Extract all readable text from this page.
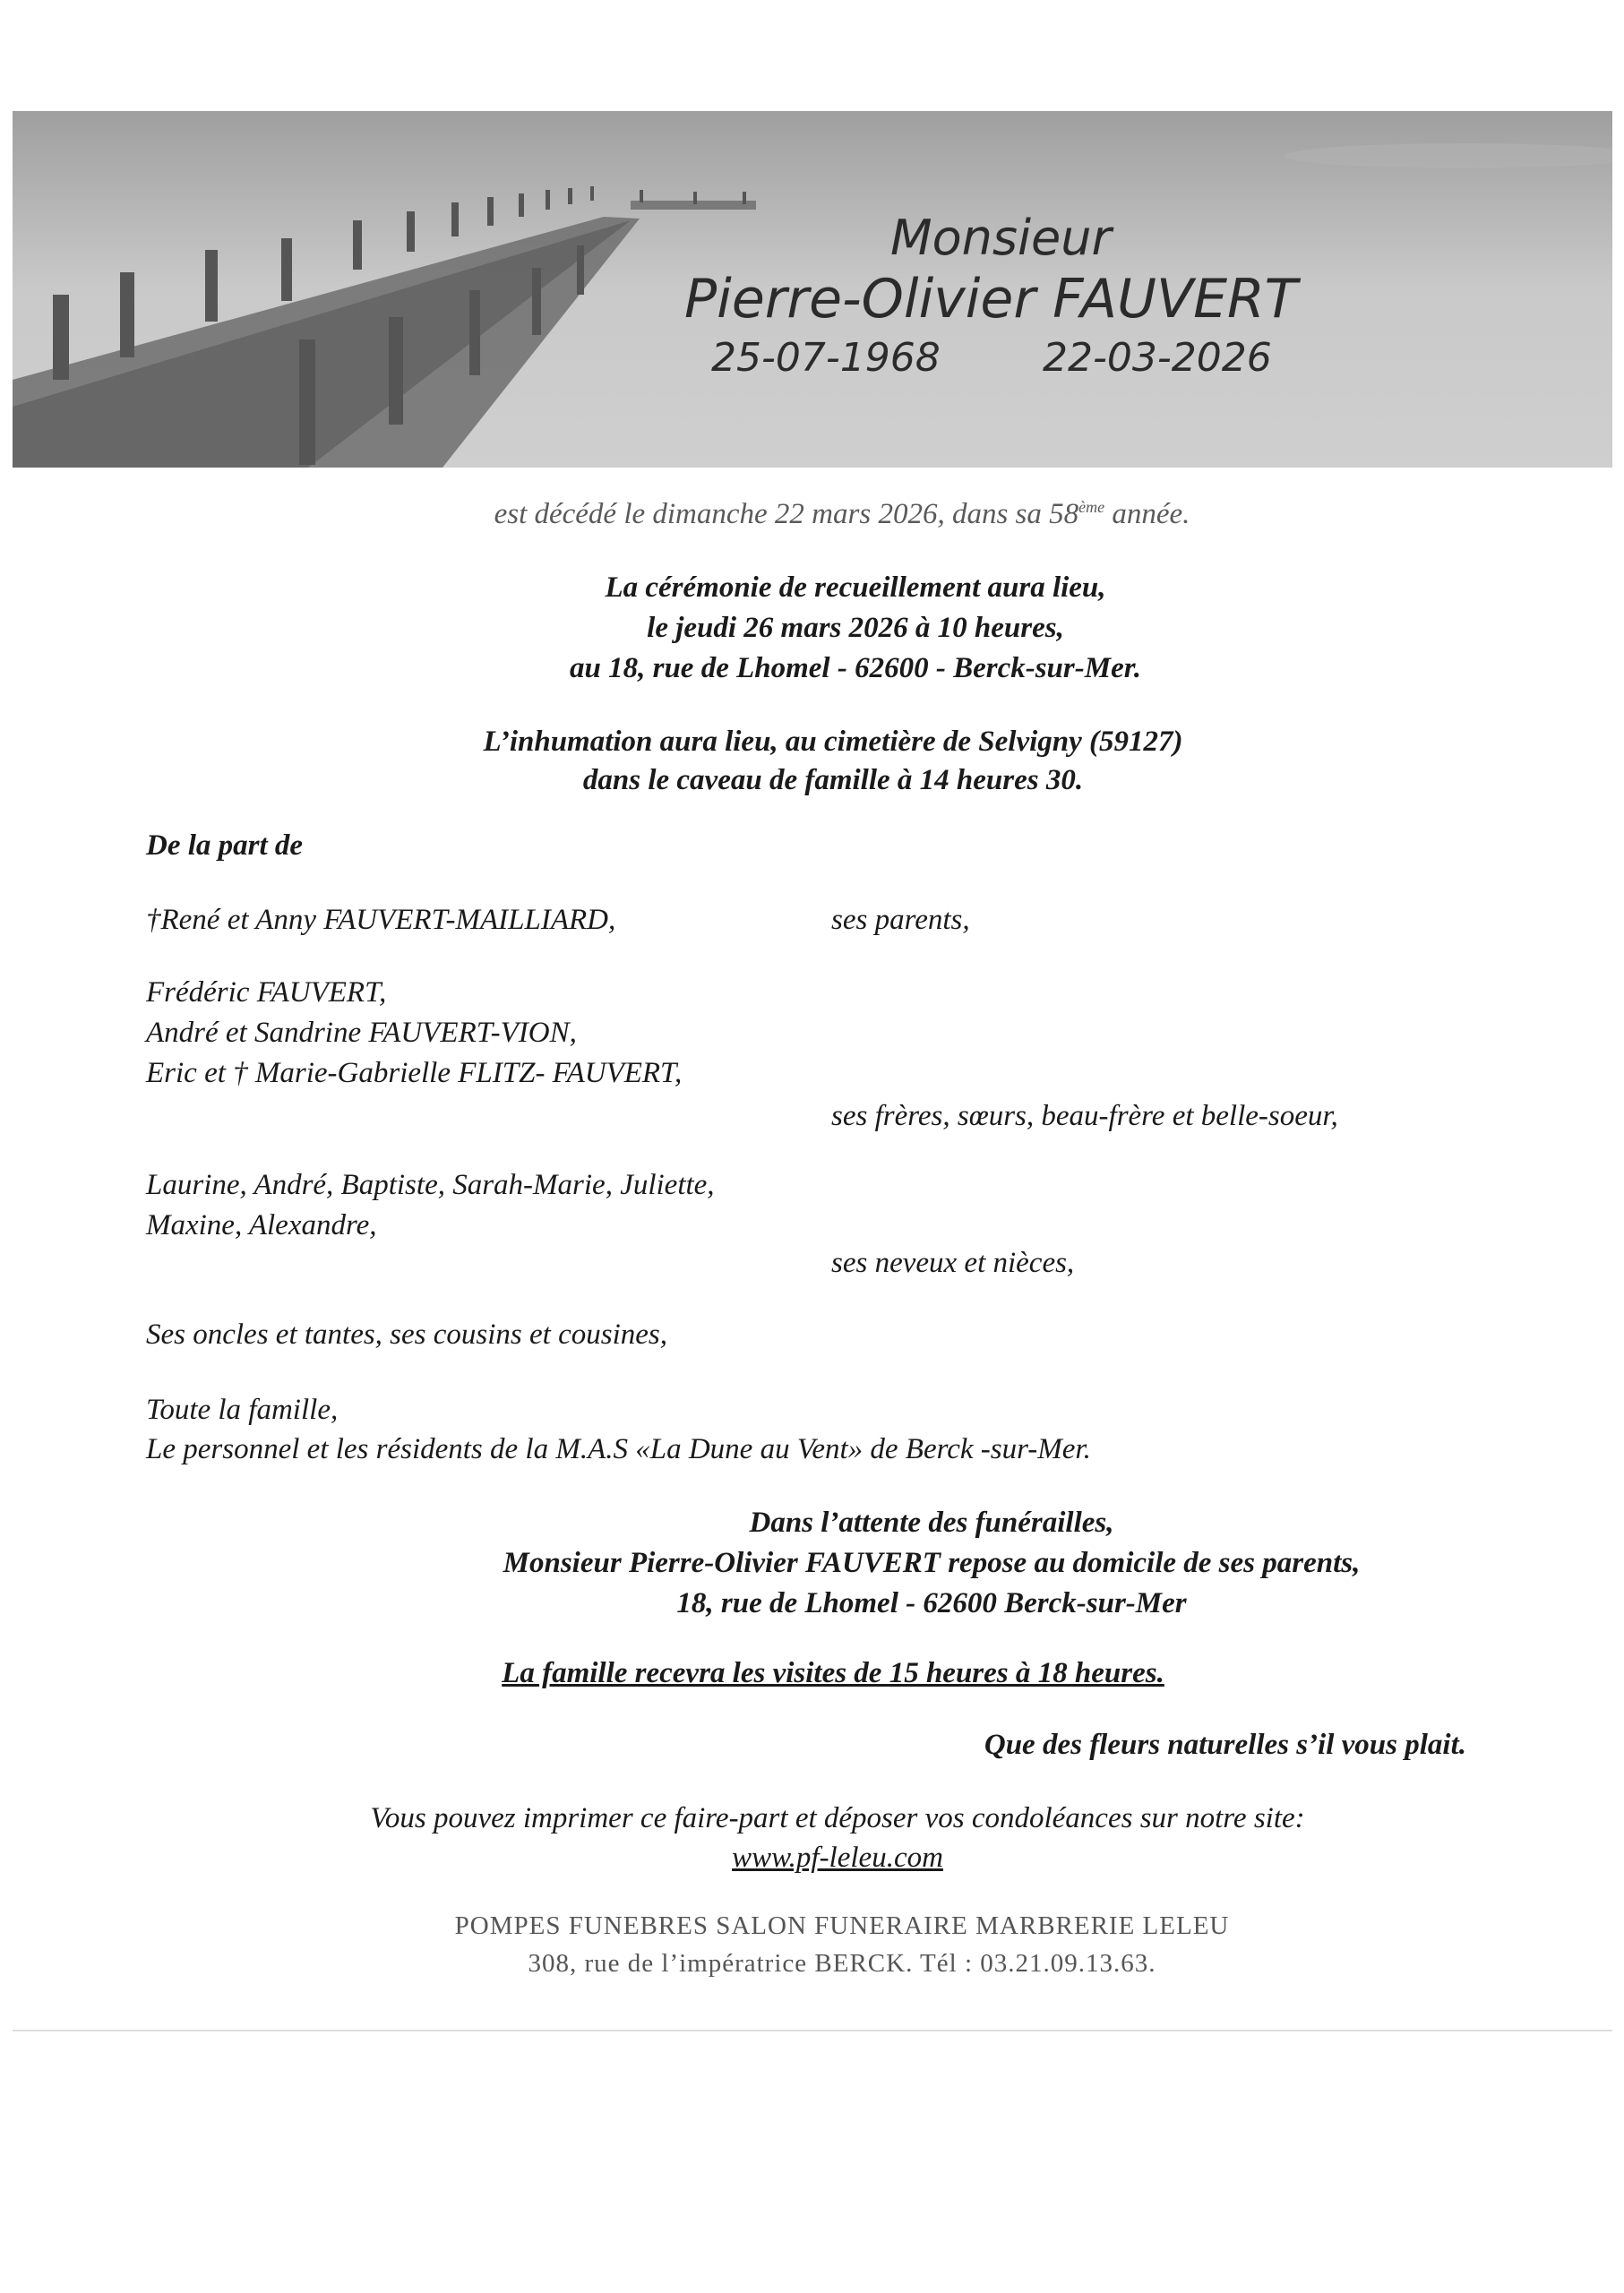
Monsieur
Pierre-Olivier FAUVERT
25-07-1968	22-03-2026
est décédé le dimanche 22 mars 2026, dans sa 58ème année.
La cérémonie de recueillement aura lieu,
le jeudi 26 mars 2026 à 10 heures,
au 18, rue de Lhomel - 62600 - Berck-sur-Mer.
L’inhumation aura lieu, au cimetière de Selvigny (59127)
dans le caveau de famille à 14 heures 30.
De la part de
†René et Anny FAUVERT-MAILLIARD,	ses parents,
Frédéric FAUVERT,
André et Sandrine FAUVERT-VION,
Eric et † Marie-Gabrielle FLITZ- FAUVERT,
ses frères, sœurs, beau-frère et belle-soeur,
Laurine, André, Baptiste, Sarah-Marie, Juliette,
Maxine, Alexandre,
ses neveux et nièces,
Ses oncles et tantes, ses cousins et cousines,
Toute la famille,
Le personnel et les résidents de la M.A.S «La Dune au Vent» de Berck -sur-Mer.
Dans l’attente des funérailles,
Monsieur Pierre-Olivier FAUVERT repose au domicile de ses parents,
18, rue de Lhomel - 62600 Berck-sur-Mer
La famille recevra les visites de 15 heures à 18 heures.
Que des fleurs naturelles s’il vous plait.
Vous pouvez imprimer ce faire-part et déposer vos condoléances sur notre site:
www.pf-leleu.com
POMPES FUNEBRES SALON FUNERAIRE MARBRERIE LELEU
308, rue de l’impératrice BERCK. Tél : 03.21.09.13.63.
